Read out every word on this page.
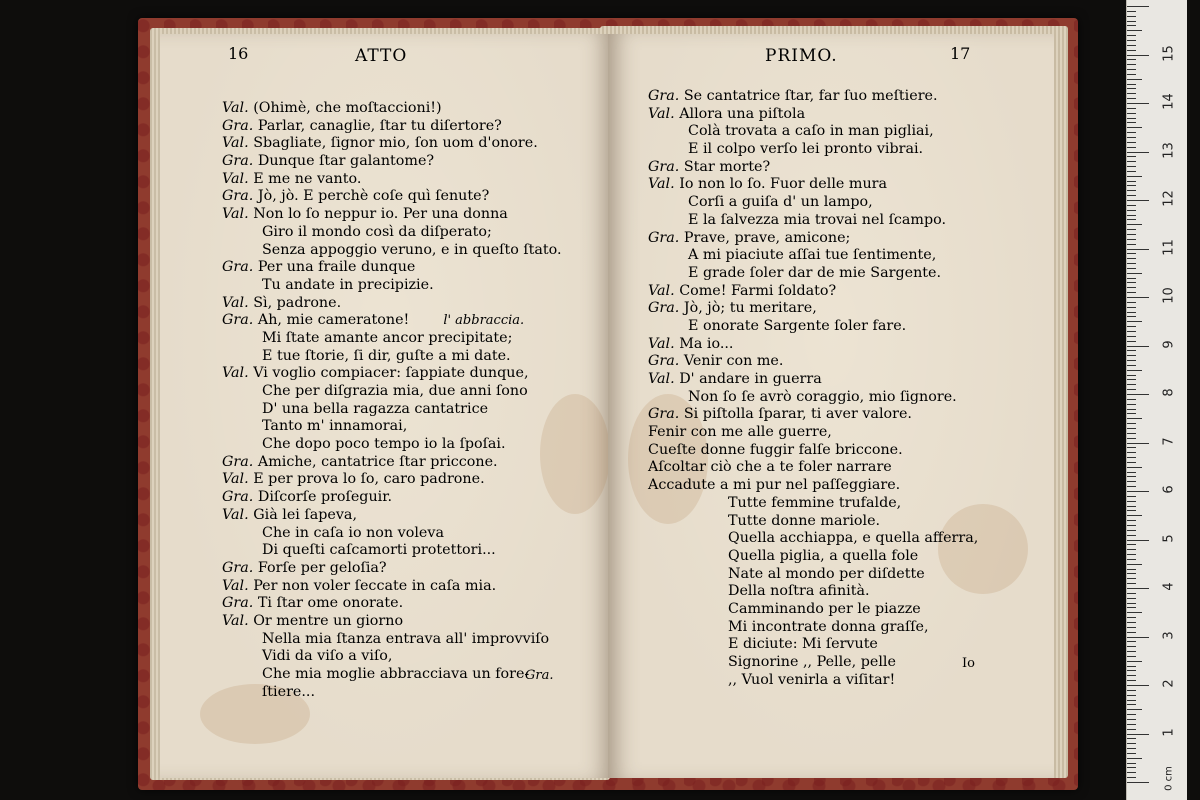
16	ATTO
Val. (Ohimè, che moſtaccioni!)
Gra. Parlar, canaglie, ſtar tu diſertore?
Val. Sbagliate, ſignor mio, ſon uom d'onore.
Gra. Dunque ſtar galantome?
Val. E me ne vanto.
Gra. Jò, jò. E perchè coſe quì ſenute?
Val. Non lo ſo neppur io. Per una donna
Giro il mondo così da diſperato;
Senza appoggio veruno, e in queſto ſtato.
Gra. Per una fraile dunque
Tu andate in precipizie.
Val. Sì, padrone.
Gra. Ah, mie cameratone!	l' abbraccia.
Mi ſtate amante ancor precipitate;
E tue ſtorie, ſi dir, guſte a mi date.
Val. Vi voglio compiacer: ſappiate dunque,
Che per diſgrazia mia, due anni ſono
D' una bella ragazza cantatrice
Tanto m' innamorai,
Che dopo poco tempo io la ſpoſai.
Gra. Amiche, cantatrice ſtar priccone.
Val. E per prova lo ſo, caro padrone.
Gra. Diſcorſe proſeguir.
Val. Già lei ſapeva,
Che in caſa io non voleva
Di queſti caſcamorti protettori...
Gra. Forſe per geloſia?
Val. Per non voler ſeccate in caſa mia.
Gra. Ti ſtar ome onorate.
Val. Or mentre un giorno
Nella mia ſtanza entrava all' improvviſo
Vidi da viſo a viſo,
Che mia moglie abbracciava un fore-
ſtiere...
Gra.
PRIMO.	17
Gra. Se cantatrice ſtar, far ſuo meſtiere.
Val. Allora una piſtola
Colà trovata a caſo in man pigliai,
E il colpo verſo lei pronto vibrai.
Gra. Star morte?
Val. Io non lo ſo. Fuor delle mura
Corſi a guiſa d' un lampo,
E la ſalvezza mia trovai nel ſcampo.
Gra. Prave, prave, amicone;
A mi piaciute aſſai tue ſentimente,
E grade ſoler dar de mie Sargente.
Val. Come! Farmi ſoldato?
Gra. Jò, jò; tu meritare,
E onorate Sargente ſoler fare.
Val. Ma io...
Gra. Venir con me.
Val. D' andare in guerra
Non ſo ſe avrò coraggio, mio ſignore.
Gra. Si piſtolla ſparar, ti aver valore.
Fenir con me alle guerre,
Cueſte donne fuggir falſe briccone.
Aſcoltar ciò che a te foler narrare
Accadute a mi pur nel paſſeggiare.
Tutte femmine trufalde,
Tutte donne mariole.
Quella acchiappa, e quella afferra,
Quella piglia, a quella fole
Nate al mondo per diſdette
Della noſtra afinità.
Camminando per le piazze
Mi incontrate donna graſſe,
E diciute: Mi ſervute
Signorine ,, Pelle, pelle
,, Vuol venirla a viſitar!
Io
0 cm
1
2
3
4
5
6
7
8
9
10
11
12
13
14
15
